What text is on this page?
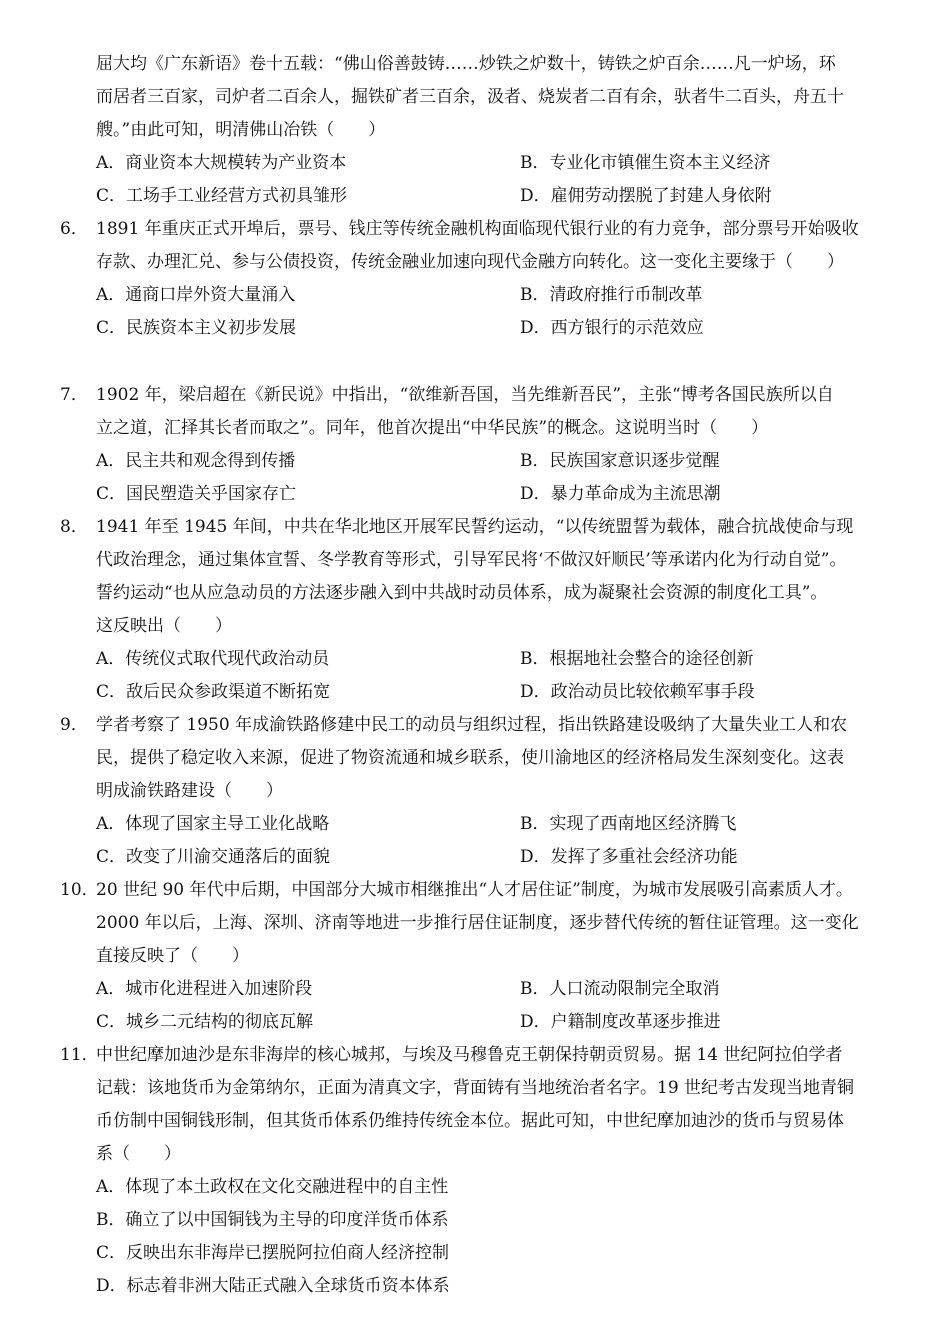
屈大均《广东新语》卷十五载：“佛山俗善鼓铸……炒铁之炉数十，铸铁之炉百余……凡一炉场，环
而居者三百家，司炉者二百余人，掘铁矿者三百余，汲者、烧炭者二百有余，驮者牛二百头，舟五十
艘。”由此可知，明清佛山冶铁（　　）
A．商业资本大规模转为产业资本	B．专业化市镇催生资本主义经济
C．工场手工业经营方式初具雏形	D．雇佣劳动摆脱了封建人身依附
6． 1891 年重庆正式开埠后，票号、钱庄等传统金融机构面临现代银行业的有力竞争，部分票号开始吸收
存款、办理汇兑、参与公债投资，传统金融业加速向现代金融方向转化。这一变化主要缘于（　　）
A．通商口岸外资大量涌入	B．清政府推行币制改革
C．民族资本主义初步发展	D．西方银行的示范效应
7． 1902 年，梁启超在《新民说》中指出，“欲维新吾国，当先维新吾民”，主张“博考各国民族所以自
立之道，汇择其长者而取之”。同年，他首次提出“中华民族”的概念。这说明当时（　　）
A．民主共和观念得到传播	B．民族国家意识逐步觉醒
C．国民塑造关乎国家存亡	D．暴力革命成为主流思潮
8． 1941 年至 1945 年间，中共在华北地区开展军民誓约运动，“以传统盟誓为载体，融合抗战使命与现
代政治理念，通过集体宣誓、冬学教育等形式，引导军民将‘不做汉奸顺民’等承诺内化为行动自觉”。
誓约运动“也从应急动员的方法逐步融入到中共战时动员体系，成为凝聚社会资源的制度化工具”。
这反映出（　　）
A．传统仪式取代现代政治动员	B．根据地社会整合的途径创新
C．敌后民众参政渠道不断拓宽	D．政治动员比较依赖军事手段
9． 学者考察了 1950 年成渝铁路修建中民工的动员与组织过程，指出铁路建设吸纳了大量失业工人和农
民，提供了稳定收入来源，促进了物资流通和城乡联系，使川渝地区的经济格局发生深刻变化。这表
明成渝铁路建设（　　）
A．体现了国家主导工业化战略	B．实现了西南地区经济腾飞
C．改变了川渝交通落后的面貌	D．发挥了多重社会经济功能
10．
20 世纪 90 年代中后期，中国部分大城市相继推出“人才居住证”制度，为城市发展吸引高素质人才。
2000 年以后，上海、深圳、济南等地进一步推行居住证制度，逐步替代传统的暂住证管理。这一变化
直接反映了（　　）
A．城市化进程进入加速阶段	B．人口流动限制完全取消
C．城乡二元结构的彻底瓦解	D．户籍制度改革逐步推进
11．
中世纪摩加迪沙是东非海岸的核心城邦，与埃及马穆鲁克王朝保持朝贡贸易。据 14 世纪阿拉伯学者
记载：该地货币为金第纳尔，正面为清真文字，背面铸有当地统治者名字。19 世纪考古发现当地青铜
币仿制中国铜钱形制，但其货币体系仍维持传统金本位。据此可知，中世纪摩加迪沙的货币与贸易体
系（　　）
A．体现了本土政权在文化交融进程中的自主性
B．确立了以中国铜钱为主导的印度洋货币体系
C．反映出东非海岸已摆脱阿拉伯商人经济控制
D．标志着非洲大陆正式融入全球货币资本体系
